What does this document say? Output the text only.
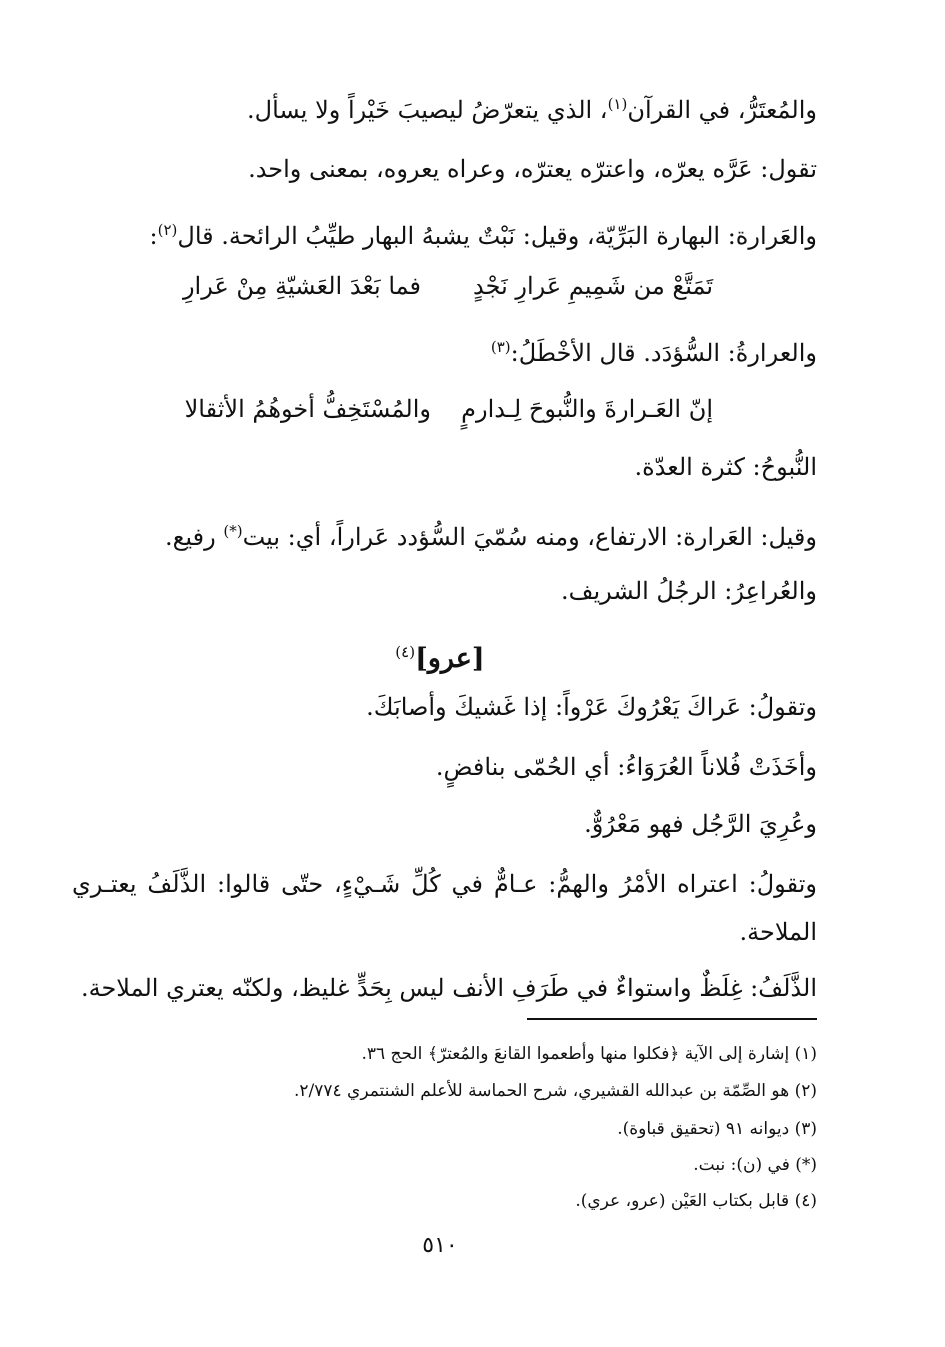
والمُعتَرُّ، في القرآن$^{(١)}$، الذي يتعرّضُ ليصيبَ خَيْراً ولا يسأل.
تقول: عَرَّه يعرّه، واعترّه يعترّه، وعراه يعروه، بمعنى واحد.
والعَرارة: البهارة البَرِّيّة، وقيل: نَبْتٌ يشبهُ البهار طيِّبُ الرائحة. قال$^{(٢)}$:
تَمَتَّعْ من شَمِيمِ عَرارِ نَجْدٍ
فما بَعْدَ العَشيّةِ مِنْ عَرارِ
والعرارةُ: السُّؤدَد. قال الأخْطَلُ:$^{(٣)}$
إنّ العَـرارةَ والنُّبوحَ لِـدارمٍ
والمُسْتَخِفُّ أخوهُمُ الأثقالا
النُّبوحُ: كثرة العدّة.
وقيل: العَرارة: الارتفاع، ومنه سُمّيَ السُّؤدد عَراراً، أي: بيت(*) رفيع.
والعُراعِرُ: الرجُلُ الشريف.
[عرو]$^{(٤)}$
وتقولُ: عَراكَ يَعْرُوكَ عَرْواً: إذا غَشيكَ وأصابَكَ.
وأخَذَتْ فُلاناً العُرَوَاءُ: أي الحُمّى بنافضٍ.
وعُرِيَ الرَّجُل فهو مَعْرُوٌّ.
وتقولُ: اعتراه الأمْرُ والهمُّ: عـامٌّ في كُلِّ شَـيْءٍ، حتّى قالوا: الذَّلَفُ يعتـري
الملاحة.
الذَّلَفُ: غِلَظٌ واستواءٌ في طَرَفِ الأنف ليس بِحَدٍّ غليظ، ولكنّه يعتري الملاحة.
(١) إشارة إلى الآية ﴿فكلوا منها وأطعموا القانعَ والمُعترّ﴾ الحج ٣٦.
(٢) هو الصِّمّة بن عبدالله القشيري، شرح الحماسة للأعلم الشنتمري ٢/٧٧٤.
(٣) ديوانه ٩١ (تحقيق قباوة).
(*) في (ن): نبت.
(٤) قابل بكتاب العَيْن (عرو، عري).
٥١٠
